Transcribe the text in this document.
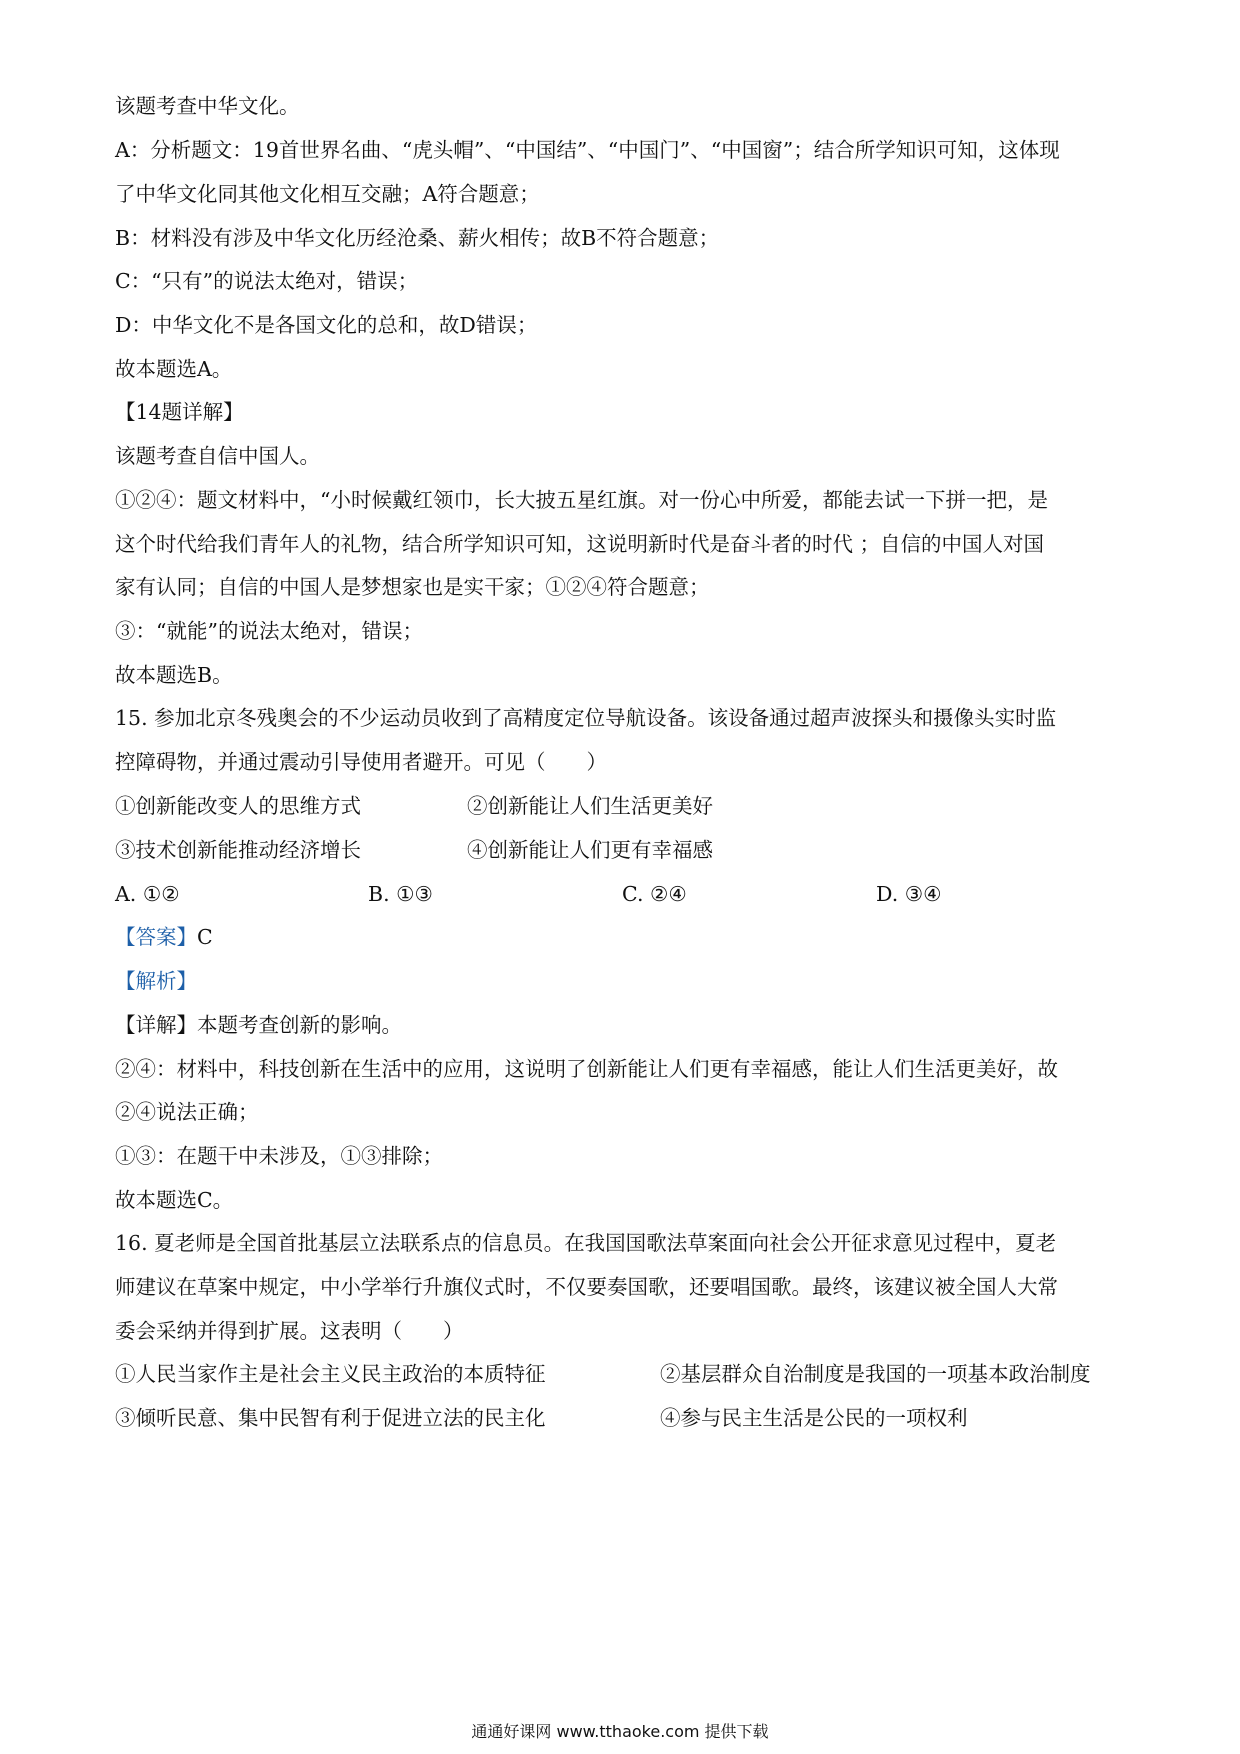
该题考查中华文化。
A：分析题文：19首世界名曲、“虎头帽”、“中国结”、“中国门”、“中国窗”；结合所学知识可知，这体现
了中华文化同其他文化相互交融；A符合题意；
B：材料没有涉及中华文化历经沧桑、薪火相传；故B不符合题意；
C：“只有”的说法太绝对，错误；
D：中华文化不是各国文化的总和，故D错误；
故本题选A。
【14题详解】
该题考查自信中国人。
①②④：题文材料中，“小时候戴红领巾，长大披五星红旗。对一份心中所爱，都能去试一下拼一把，是
这个时代给我们青年人的礼物，结合所学知识可知，这说明新时代是奋斗者的时代 ；自信的中国人对国
家有认同；自信的中国人是梦想家也是实干家；①②④符合题意；
③：“就能”的说法太绝对，错误；
故本题选B。
15. 参加北京冬残奥会的不少运动员收到了高精度定位导航设备。该设备通过超声波探头和摄像头实时监
控障碍物，并通过震动引导使用者避开。可见（　　）
①创新能改变人的思维方式	②创新能让人们生活更美好
③技术创新能推动经济增长	④创新能让人们更有幸福感
A. ①②	B. ①③	C. ②④	D. ③④
【答案】C
【解析】
【详解】本题考查创新的影响。
②④：材料中，科技创新在生活中的应用，这说明了创新能让人们更有幸福感，能让人们生活更美好，故
②④说法正确；
①③：在题干中未涉及，①③排除；
故本题选C。
16. 夏老师是全国首批基层立法联系点的信息员。在我国国歌法草案面向社会公开征求意见过程中，夏老
师建议在草案中规定，中小学举行升旗仪式时，不仅要奏国歌，还要唱国歌。最终，该建议被全国人大常
委会采纳并得到扩展。这表明（　　）
①人民当家作主是社会主义民主政治的本质特征	②基层群众自治制度是我国的一项基本政治制度
③倾听民意、集中民智有利于促进立法的民主化	④参与民主生活是公民的一项权利
通通好课网 www.tthaoke.com 提供下载
